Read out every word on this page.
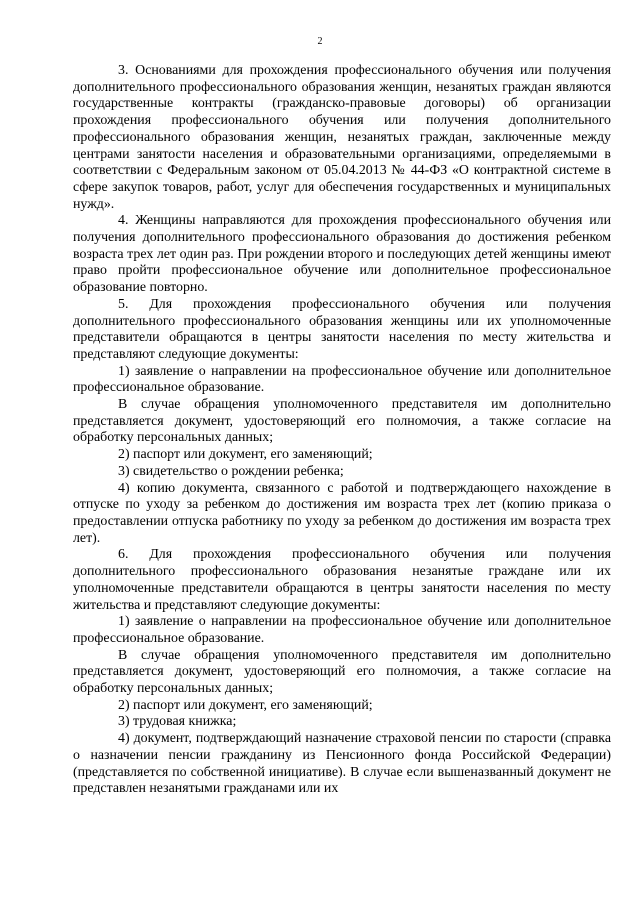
2

3. Основаниями для прохождения профессионального обучения или получения дополнительного профессионального образования женщин, незанятых граждан являются государственные контракты (гражданско-правовые договоры) об организации прохождения профессионального обучения или получения дополнительного профессионального образования женщин, незанятых граждан, заключенные между центрами занятости населения и образовательными организациями, определяемыми в соответствии с Федеральным законом от 05.04.2013 № 44-ФЗ «О контрактной системе в сфере закупок товаров, работ, услуг для обеспечения государственных и муниципальных нужд».

4. Женщины направляются для прохождения профессионального обучения или получения дополнительного профессионального образования до достижения ребенком возраста трех лет один раз. При рождении второго и последующих детей женщины имеют право пройти профессиональное обучение или дополнительное профессиональное образование повторно.

5. Для прохождения профессионального обучения или получения дополнительного профессионального образования женщины или их уполномоченные представители обращаются в центры занятости населения по месту жительства и представляют следующие документы:

1) заявление о направлении на профессиональное обучение или дополнительное профессиональное образование.

В случае обращения уполномоченного представителя им дополнительно представляется документ, удостоверяющий его полномочия, а также согласие на обработку персональных данных;

2) паспорт или документ, его заменяющий;

3) свидетельство о рождении ребенка;

4) копию документа, связанного с работой и подтверждающего нахождение в отпуске по уходу за ребенком до достижения им возраста трех лет (копию приказа о предоставлении отпуска работнику по уходу за ребенком до достижения им возраста трех лет).

6. Для прохождения профессионального обучения или получения дополнительного профессионального образования незанятые граждане или их уполномоченные представители обращаются в центры занятости населения по месту жительства и представляют следующие документы:

1) заявление о направлении на профессиональное обучение или дополнительное профессиональное образование.

В случае обращения уполномоченного представителя им дополнительно представляется документ, удостоверяющий его полномочия, а также согласие на обработку персональных данных;

2) паспорт или документ, его заменяющий;

3) трудовая книжка;

4) документ, подтверждающий назначение страховой пенсии по старости (справка о назначении пенсии гражданину из Пенсионного фонда Российской Федерации) (представляется по собственной инициативе). В случае если вышеназванный документ не представлен незанятыми гражданами или их
